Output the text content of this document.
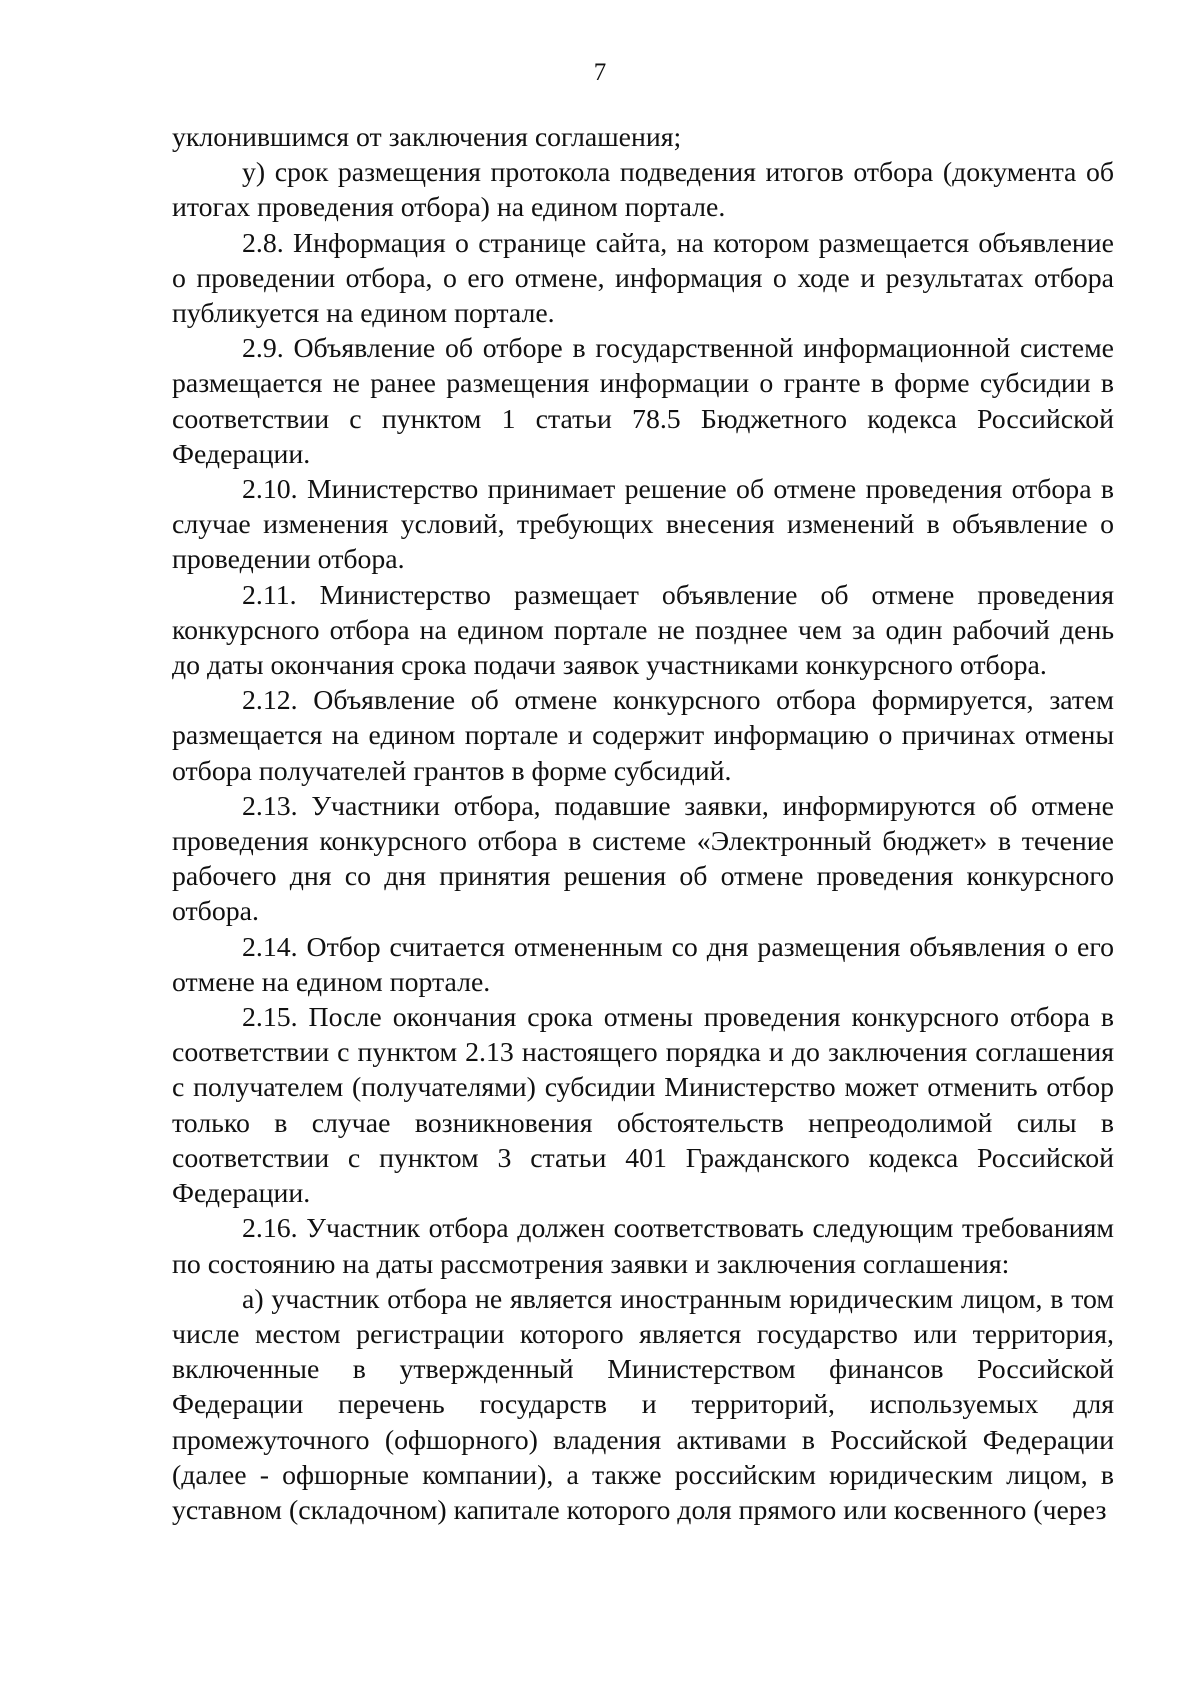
7

уклонившимся от заключения соглашения;

у) срок размещения протокола подведения итогов отбора (документа об итогах проведения отбора) на едином портале.

2.8. Информация о странице сайта, на котором размещается объявление о проведении отбора, о его отмене, информация о ходе и результатах отбора публикуется на едином портале.

2.9. Объявление об отборе в государственной информационной системе размещается не ранее размещения информации о гранте в форме субсидии в соответствии с пунктом 1 статьи 78.5 Бюджетного кодекса Российской Федерации.

2.10. Министерство принимает решение об отмене проведения отбора в случае изменения условий, требующих внесения изменений в объявление о проведении отбора.

2.11. Министерство размещает объявление об отмене проведения конкурсного отбора на едином портале не позднее чем за один рабочий день до даты окончания срока подачи заявок участниками конкурсного отбора.

2.12. Объявление об отмене конкурсного отбора формируется, затем размещается на едином портале и содержит информацию о причинах отмены отбора получателей грантов в форме субсидий.

2.13. Участники отбора, подавшие заявки, информируются об отмене проведения конкурсного отбора в системе «Электронный бюджет» в течение рабочего дня со дня принятия решения об отмене проведения конкурсного отбора.

2.14. Отбор считается отмененным со дня размещения объявления о его отмене на едином портале.

2.15. После окончания срока отмены проведения конкурсного отбора в соответствии с пунктом 2.13 настоящего порядка и до заключения соглашения с получателем (получателями) субсидии Министерство может отменить отбор только в случае возникновения обстоятельств непреодолимой силы в соответствии с пунктом 3 статьи 401 Гражданского кодекса Российской Федерации.

2.16. Участник отбора должен соответствовать следующим требованиям по состоянию на даты рассмотрения заявки и заключения соглашения:

а) участник отбора не является иностранным юридическим лицом, в том числе местом регистрации которого является государство или территория, включенные в утвержденный Министерством финансов Российской Федерации перечень государств и территорий, используемых для промежуточного (офшорного) владения активами в Российской Федерации (далее - офшорные компании), а также российским юридическим лицом, в уставном (складочном) капитале которого доля прямого или косвенного (через
